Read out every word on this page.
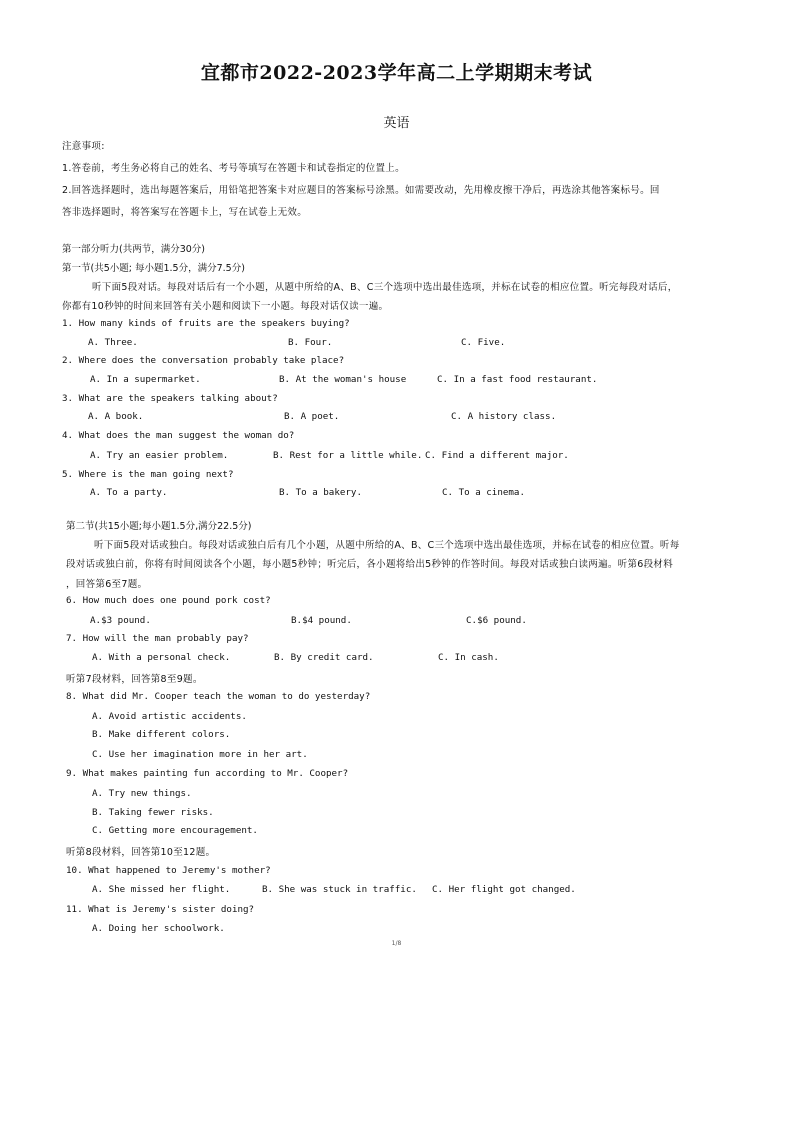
宜都市2022-2023学年高二上学期期末考试
英语
注意事项:
1.答卷前，考生务必将自己的姓名、考号等填写在答题卡和试卷指定的位置上。
2.回答选择题时，选出每题答案后，用铅笔把答案卡对应题目的答案标号涂黑。如需要改动，先用橡皮擦干净后，再选涂其他答案标号。回
答非选择题时，将答案写在答题卡上，写在试卷上无效。
第一部分听力(共两节，满分30分)
第一节(共5小题; 每小题1.5分，满分7.5分)
听下面5段对话。每段对话后有一个小题，从题中所给的A、B、C三个选项中选出最佳选项，并标在试卷的相应位置。听完每段对话后，
你都有10秒钟的时间来回答有关小题和阅读下一小题。每段对话仅读一遍。
1. How many kinds of fruits are the speakers buying?
A. Three.	B. Four.	C. Five.
2. Where does the conversation probably take place?
A. In a supermarket.	B. At the woman's house	C. In a fast food restaurant.
3. What are the speakers talking about?
A. A book.	B. A poet.	C. A history class.
4. What does the man suggest the woman do?
A. Try an easier problem.	B. Rest for a little while. C. Find a different major.
5. Where is the man going next?
A. To a party.	B. To a bakery.	C. To a cinema.
第二节(共15小题;每小题1.5分,满分22.5分)
听下面5段对话或独白。每段对话或独白后有几个小题，从题中所给的A、B、C三个选项中选出最佳选项，并标在试卷的相应位置。听每
段对话或独白前，你将有时间阅读各个小题，每小题5秒钟；听完后，各小题将给出5秒钟的作答时间。每段对话或独白读两遍。听第6段材料
，回答第6至7题。
6. How much does one pound pork cost?
A.$3 pound.	B.$4 pound.	C.$6 pound.
7. How will the man probably pay?
A. With a personal check.	B. By credit card.	C. In cash.
听第7段材料，回答第8至9题。
8. What did Mr. Cooper teach the woman to do yesterday?
A. Avoid artistic accidents.
B. Make different colors.
C. Use her imagination more in her art.
9. What makes painting fun according to Mr. Cooper?
A. Try new things.
B. Taking fewer risks.
C. Getting more encouragement.
听第8段材料，回答第10至12题。
10. What happened to Jeremy's mother?
A. She missed her flight.	B. She was stuck in traffic. C. Her flight got changed.
11. What is Jeremy's sister doing?
A. Doing her schoolwork.
1/8
